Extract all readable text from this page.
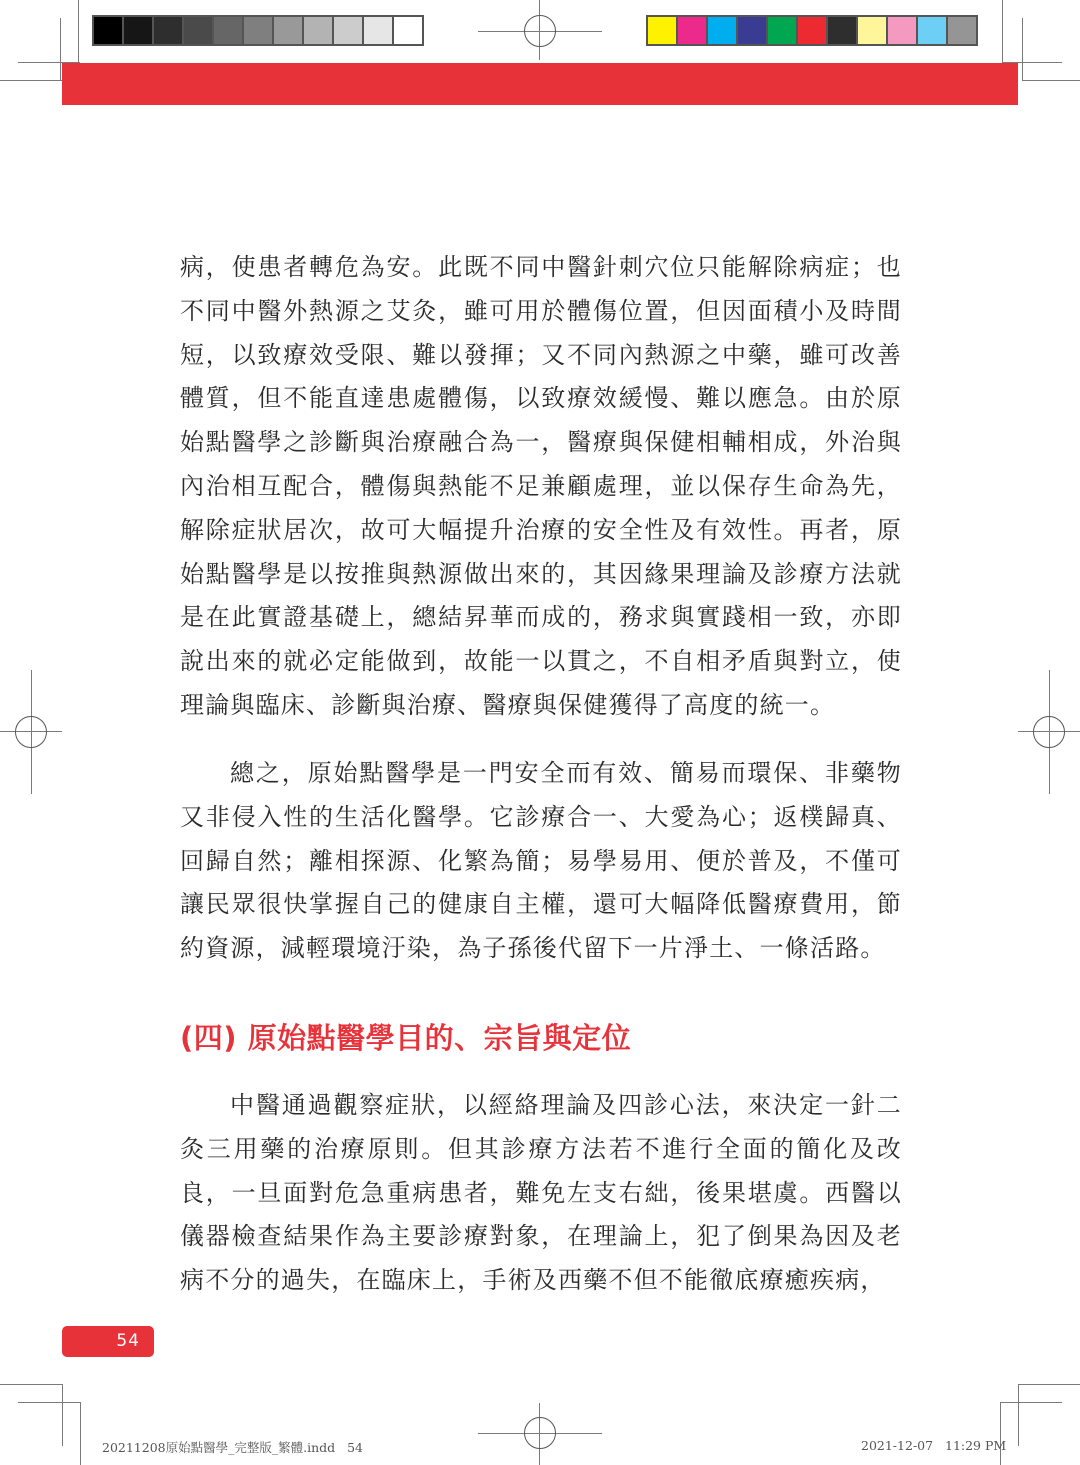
病，使患者轉危為安。此既不同中醫針刺穴位只能解除病症；也不同中醫外熱源之艾灸，雖可用於體傷位置，但因面積小及時間短，以致療效受限、難以發揮；又不同內熱源之中藥，雖可改善體質，但不能直達患處體傷，以致療效緩慢、難以應急。由於原始點醫學之診斷與治療融合為一，醫療與保健相輔相成，外治與內治相互配合，體傷與熱能不足兼顧處理，並以保存生命為先，解除症狀居次，故可大幅提升治療的安全性及有效性。再者，原始點醫學是以按推與熱源做出來的，其因緣果理論及診療方法就是在此實證基礎上，總結昇華而成的，務求與實踐相一致，亦即說出來的就必定能做到，故能一以貫之，不自相矛盾與對立，使理論與臨床、診斷與治療、醫療與保健獲得了高度的統一。

總之，原始點醫學是一門安全而有效、簡易而環保、非藥物又非侵入性的生活化醫學。它診療合一、大愛為心；返樸歸真、回歸自然；離相探源、化繁為簡；易學易用、便於普及，不僅可讓民眾很快掌握自己的健康自主權，還可大幅降低醫療費用，節約資源，減輕環境汙染，為子孫後代留下一片淨土、一條活路。

(四) 原始點醫學目的、宗旨與定位

中醫通過觀察症狀，以經絡理論及四診心法，來決定一針二灸三用藥的治療原則。但其診療方法若不進行全面的簡化及改良，一旦面對危急重病患者，難免左支右絀，後果堪虞。西醫以儀器檢查結果作為主要診療對象，在理論上，犯了倒果為因及老病不分的過失，在臨床上，手術及西藥不但不能徹底療癒疾病，

54
20211208原始點醫學_完整版_繁體.indd   54	2021-12-07   11:29 PM
